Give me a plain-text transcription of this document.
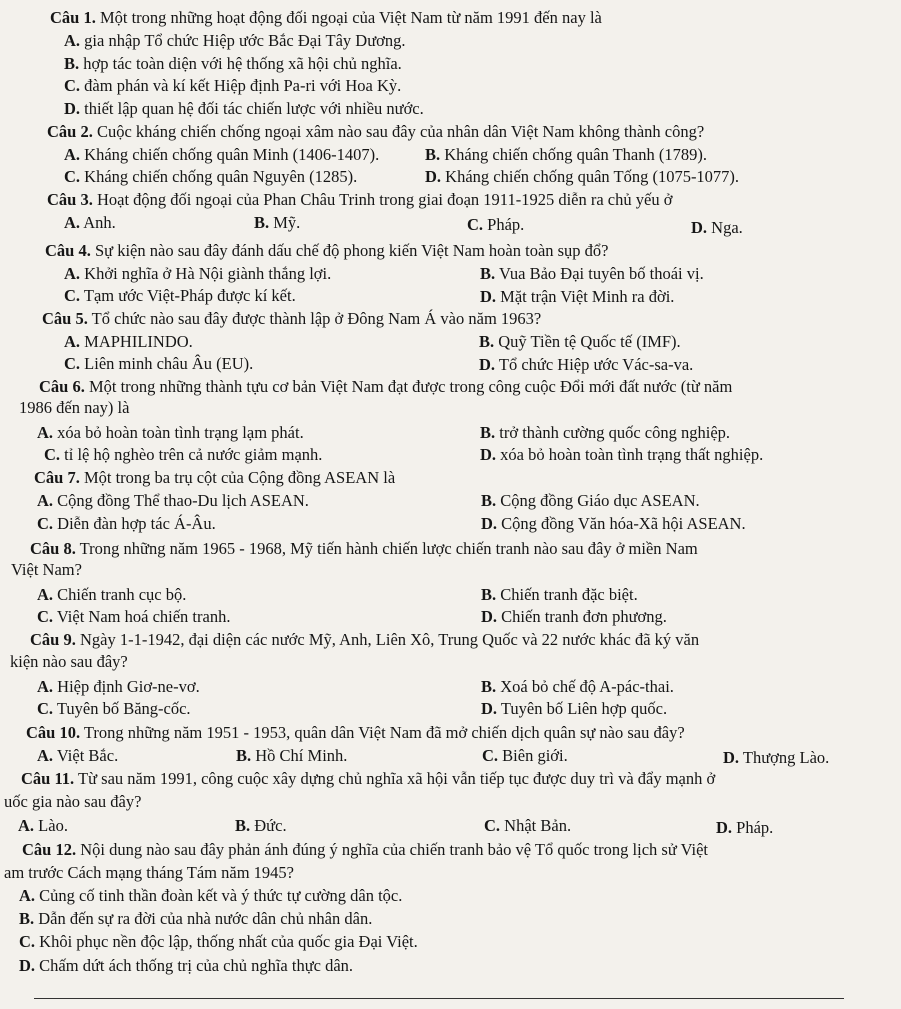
Câu 1. Một trong những hoạt động đối ngoại của Việt Nam từ năm 1991 đến nay là
A. gia nhập Tổ chức Hiệp ước Bắc Đại Tây Dương.
B. hợp tác toàn diện với hệ thống xã hội chủ nghĩa.
C. đàm phán và kí kết Hiệp định Pa-ri với Hoa Kỳ.
D. thiết lập quan hệ đối tác chiến lược với nhiều nước.
Câu 2. Cuộc kháng chiến chống ngoại xâm nào sau đây của nhân dân Việt Nam không thành công?
A. Kháng chiến chống quân Minh (1406-1407).	B. Kháng chiến chống quân Thanh (1789).
C. Kháng chiến chống quân Nguyên (1285).	D. Kháng chiến chống quân Tống (1075-1077).
Câu 3. Hoạt động đối ngoại của Phan Châu Trinh trong giai đoạn 1911-1925 diễn ra chủ yếu ở
A. Anh.	B. Mỹ.	C. Pháp.	D. Nga.
Câu 4. Sự kiện nào sau đây đánh dấu chế độ phong kiến Việt Nam hoàn toàn sụp đổ?
A. Khởi nghĩa ở Hà Nội giành thắng lợi.	B. Vua Bảo Đại tuyên bố thoái vị.
C. Tạm ước Việt-Pháp được kí kết.	D. Mặt trận Việt Minh ra đời.
Câu 5. Tổ chức nào sau đây được thành lập ở Đông Nam Á vào năm 1963?
A. MAPHILINDO.	B. Quỹ Tiền tệ Quốc tế (IMF).
C. Liên minh châu Âu (EU).	D. Tổ chức Hiệp ước Vác-sa-va.
Câu 6. Một trong những thành tựu cơ bản Việt Nam đạt được trong công cuộc Đổi mới đất nước (từ năm
1986 đến nay) là
A. xóa bỏ hoàn toàn tình trạng lạm phát.	B. trở thành cường quốc công nghiệp.
C. tỉ lệ hộ nghèo trên cả nước giảm mạnh.	D. xóa bỏ hoàn toàn tình trạng thất nghiệp.
Câu 7. Một trong ba trụ cột của Cộng đồng ASEAN là
A. Cộng đồng Thể thao-Du lịch ASEAN.	B. Cộng đồng Giáo dục ASEAN.
C. Diễn đàn hợp tác Á-Âu.	D. Cộng đồng Văn hóa-Xã hội ASEAN.
Câu 8. Trong những năm 1965 - 1968, Mỹ tiến hành chiến lược chiến tranh nào sau đây ở miền Nam
Việt Nam?
A. Chiến tranh cục bộ.	B. Chiến tranh đặc biệt.
C. Việt Nam hoá chiến tranh.	D. Chiến tranh đơn phương.
Câu 9. Ngày 1-1-1942, đại diện các nước Mỹ, Anh, Liên Xô, Trung Quốc và 22 nước khác đã ký văn
kiện nào sau đây?
A. Hiệp định Giơ-ne-vơ.	B. Xoá bỏ chế độ A-pác-thai.
C. Tuyên bố Băng-cốc.	D. Tuyên bố Liên hợp quốc.
Câu 10. Trong những năm 1951 - 1953, quân dân Việt Nam đã mở chiến dịch quân sự nào sau đây?
A. Việt Bắc.	B. Hồ Chí Minh.	C. Biên giới.	D. Thượng Lào.
Câu 11. Từ sau năm 1991, công cuộc xây dựng chủ nghĩa xã hội vẫn tiếp tục được duy trì và đẩy mạnh ở
uốc gia nào sau đây?
A. Lào.	B. Đức.	C. Nhật Bản.	D. Pháp.
Câu 12. Nội dung nào sau đây phản ánh đúng ý nghĩa của chiến tranh bảo vệ Tổ quốc trong lịch sử Việt
am trước Cách mạng tháng Tám năm 1945?
A. Củng cố tinh thần đoàn kết và ý thức tự cường dân tộc.
B. Dẫn đến sự ra đời của nhà nước dân chủ nhân dân.
C. Khôi phục nền độc lập, thống nhất của quốc gia Đại Việt.
D. Chấm dứt ách thống trị của chủ nghĩa thực dân.
